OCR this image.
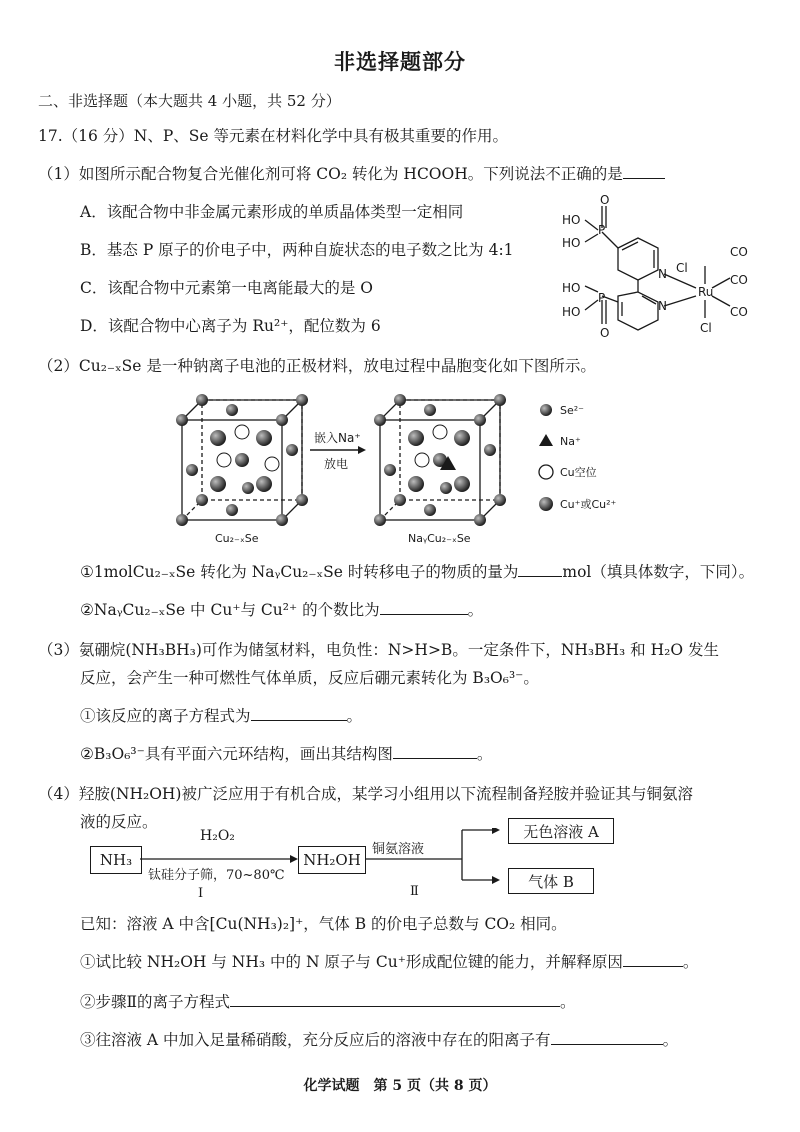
非选择题部分
二、非选择题（本大题共 4 小题，共 52 分）
17.（16 分）N、P、Se 等元素在材料化学中具有极其重要的作用。
（1）如图所示配合物复合光催化剂可将 CO₂ 转化为 HCOOH。下列说法不正确的是
A．该配合物中非金属元素形成的单质晶体类型一定相同
B．基态 P 原子的价电子中，两种自旋状态的电子数之比为 4:1
C．该配合物中元素第一电离能最大的是 O
D．该配合物中心离子为 Ru²⁺，配位数为 6
HO
HO
P
O
N Cl
CO
Ru
HO
HO
P
O
N	CO
Cl
CO
（2）Cu₂₋ₓSe 是一种钠离子电池的正极材料，放电过程中晶胞变化如下图所示。
Cu₂₋ₓSe
嵌入Na⁺
放电
NaᵧCu₂₋ₓSe
Se²⁻
Na⁺
Cu空位
Cu⁺或Cu²⁺
①1molCu₂₋ₓSe 转化为 NaᵧCu₂₋ₓSe 时转移电子的物质的量为	mol（填具体数字，下同）。
②NaᵧCu₂₋ₓSe 中 Cu⁺与 Cu²⁺ 的个数比为	。
（3）氨硼烷(NH₃BH₃)可作为储氢材料，电负性：N>H>B。一定条件下，NH₃BH₃ 和 H₂O 发生
反应，会产生一种可燃性气体单质，反应后硼元素转化为 B₃O₆³⁻。
①该反应的离子方程式为	。
②B₃O₆³⁻具有平面六元环结构，画出其结构图	。
（4）羟胺(NH₂OH)被广泛应用于有机合成，某学习小组用以下流程制备羟胺并验证其与铜氨溶
液的反应。
NH₃
H₂O₂
钛硅分子筛，70~80℃
Ⅰ
NH₂OH
铜氨溶液
Ⅱ
无色溶液 A
气体 B
已知：溶液 A 中含[Cu(NH₃)₂]⁺，气体 B 的价电子总数与 CO₂ 相同。
①试比较 NH₂OH 与 NH₃ 中的 N 原子与 Cu⁺形成配位键的能力，并解释原因	。
②步骤Ⅱ的离子方程式	。
③往溶液 A 中加入足量稀硝酸，充分反应后的溶液中存在的阳离子有	。
化学试题　第 5 页（共 8 页）
